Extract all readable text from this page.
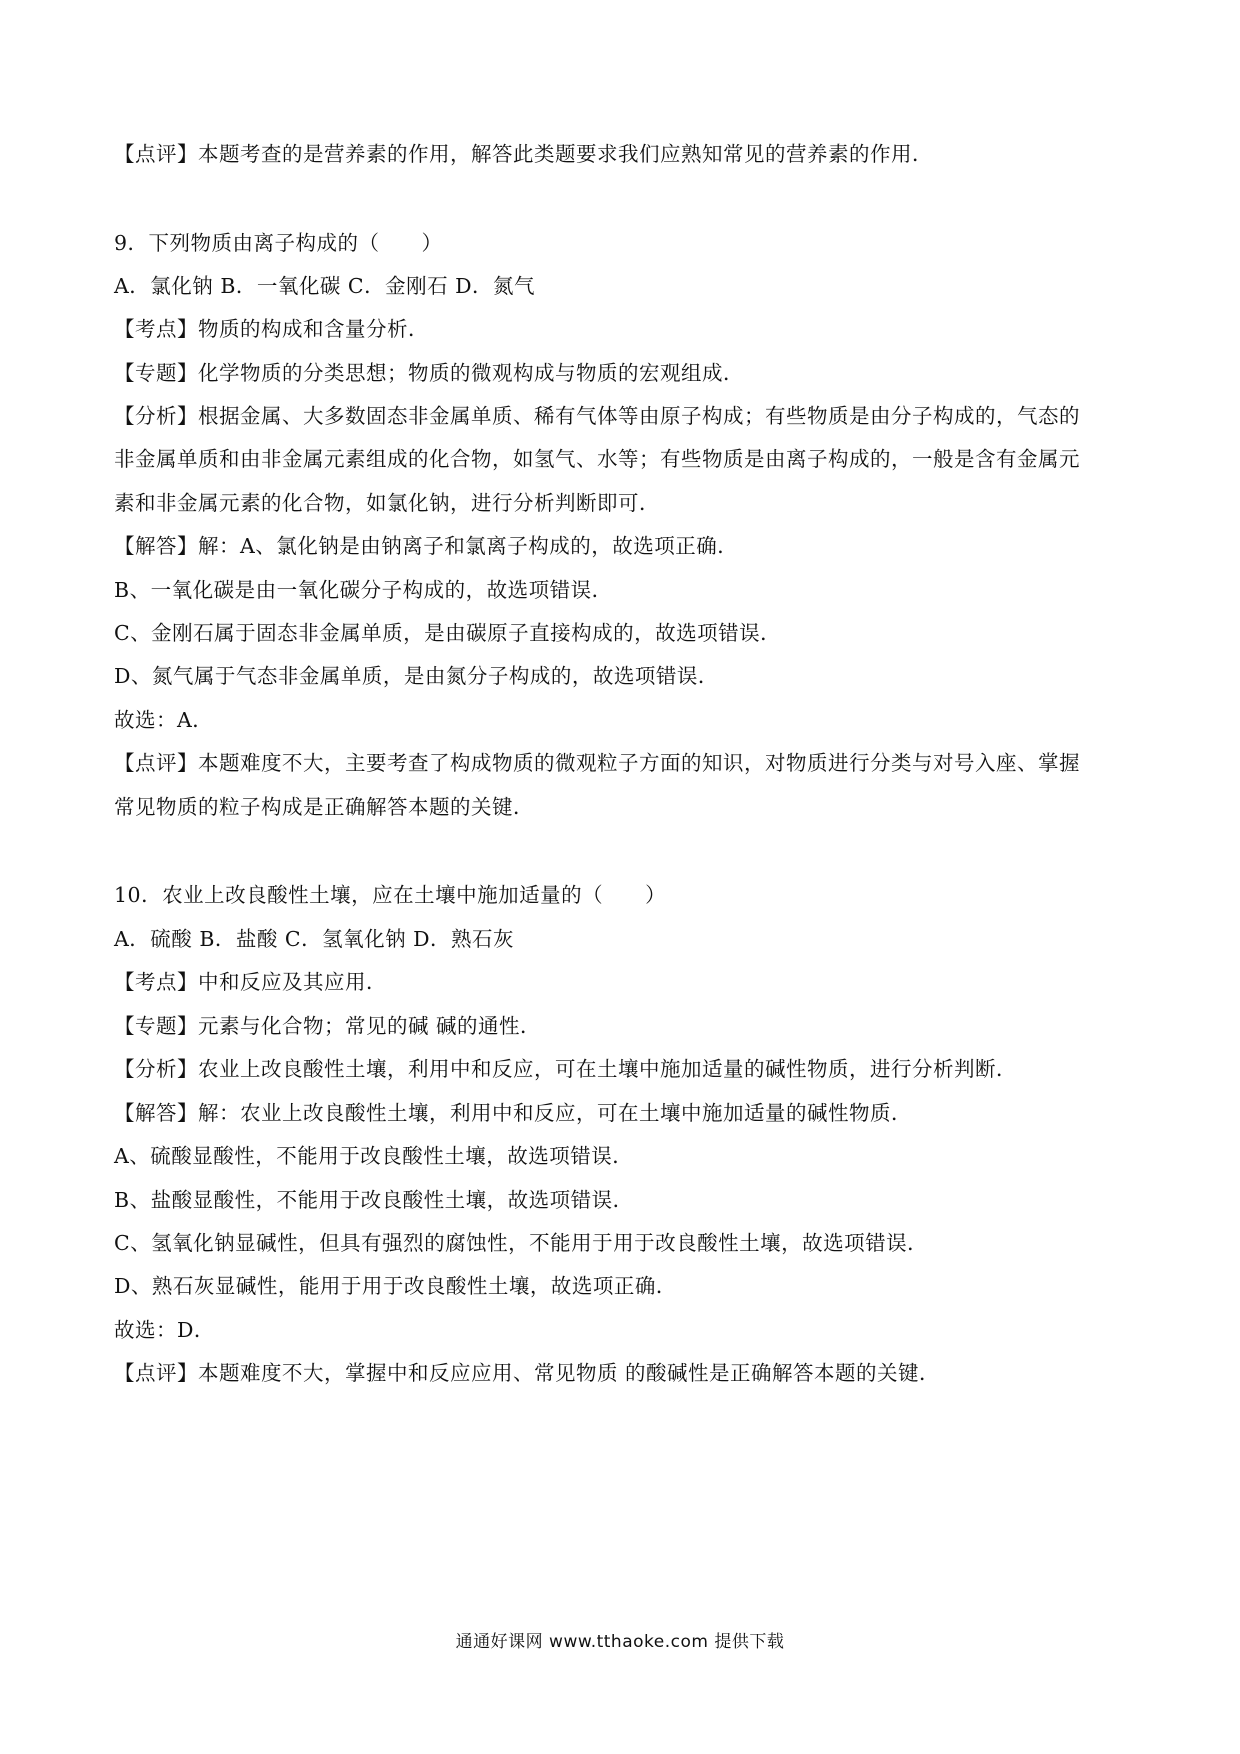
【点评】本题考查的是营养素的作用，解答此类题要求我们应熟知常见的营养素的作用．
9．下列物质由离子构成的（　　）
A．氯化钠 B．一氧化碳 C．金刚石 D．氮气
【考点】物质的构成和含量分析．
【专题】化学物质的分类思想；物质的微观构成与物质的宏观组成．
【分析】根据金属、大多数固态非金属单质、稀有气体等由原子构成；有些物质是由分子构成的，气态的
非金属单质和由非金属元素组成的化合物，如氢气、水等；有些物质是由离子构成的，一般是含有金属元
素和非金属元素的化合物，如氯化钠，进行分析判断即可．
【解答】解：A、氯化钠是由钠离子和氯离子构成的，故选项正确．
B、一氧化碳是由一氧化碳分子构成的，故选项错误．
C、金刚石属于固态非金属单质，是由碳原子直接构成的，故选项错误．
D、氮气属于气态非金属单质，是由氮分子构成的，故选项错误．
故选：A．
【点评】本题难度不大，主要考查了构成物质的微观粒子方面的知识，对物质进行分类与对号入座、掌握
常见物质的粒子构成是正确解答本题的关键．
10．农业上改良酸性土壤，应在土壤中施加适量的（　　）
A．硫酸 B．盐酸 C．氢氧化钠 D．熟石灰
【考点】中和反应及其应用．
【专题】元素与化合物；常见的碱 碱的通性．
【分析】农业上改良酸性土壤，利用中和反应，可在土壤中施加适量的碱性物质，进行分析判断．
【解答】解：农业上改良酸性土壤，利用中和反应，可在土壤中施加适量的碱性物质．
A、硫酸显酸性，不能用于改良酸性土壤，故选项错误．
B、盐酸显酸性，不能用于改良酸性土壤，故选项错误．
C、氢氧化钠显碱性，但具有强烈的腐蚀性，不能用于用于改良酸性土壤，故选项错误．
D、熟石灰显碱性，能用于用于改良酸性土壤，故选项正确．
故选：D．
【点评】本题难度不大，掌握中和反应应用、常见物质 的酸碱性是正确解答本题的关键．
通通好课网 www.tthaoke.com 提供下载
